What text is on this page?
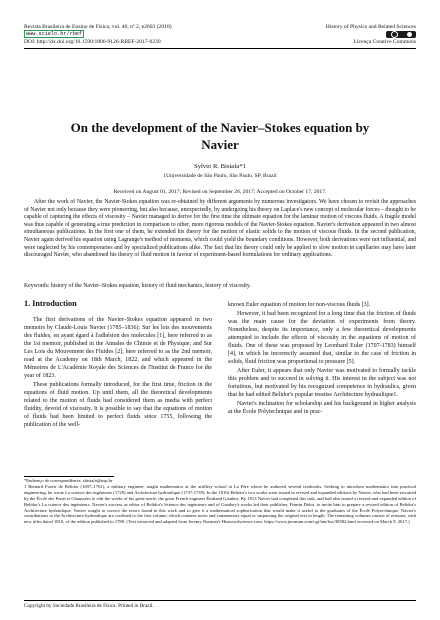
Revista Brasileira de Ensino de Física, vol. 40, nº 2, e2603 (2018)
www.scielo.br/rbef
DOI: http://dx.doi.org/10.1590/1806-9126-RBEF-2017-0239
History of Physics and Related Sciences
Licença Creative Commons
On the development of the Navier–Stokes equation by
Navier
Sylvio R. Bistafa*1
1Universidade de São Paulo, São Paulo, SP, Brazil
Received on August 01, 2017; Revised on September 26, 2017; Accepted on October 17, 2017.

After the work of Navier, the Navier-Stokes equation was re-obtained by different arguments by numerous investigators. We have chosen to revisit the approaches of Navier not only because they were pioneering, but also because, unexpectedly, by undergoing his theory on Laplace's new concept of molecular forces – thought to be capable of capturing the effects of viscosity – Navier managed to derive for the first time the ultimate equation for the laminar motion of viscous fluids. A fragile model was thus capable of generating a true prediction in comparison to other, more rigorous models of the Navier-Stokes equation. Navier's derivation appeared in two almost simultaneous publications. In the first one of them, he extended his theory for the motion of elastic solids to the motion of viscous fluids. In the second publication, Navier again derived his equation using Lagrange's method of moments, which could yield the boundary conditions. However, both derivations were not influential, and were neglected by his contemporaries and by specialized publications alike. The fact that his theory could only be applied to slow motion in capillaries may have later discouraged Navier, who abandoned his theory of fluid motion in favour of experiment-based formulations for ordinary applications.

Keywords: history of the Navier–Stokes equation, history of fluid mechanics, history of viscosity.
1. Introduction

The first derivations of the Navier–Stokes equation appeared in two memoirs by Claude-Louis Navier (1785–1836): Sur les lois des mouvements des fluides, en ayant égard à l'adhésion des molecules [1], here referred to as the 1st memoir, published in the Annales de Chimie et de Physique; and Sur Les Lois du Mouvement des Fluides [2], here referred to as the 2nd memoir, read at the Academy on 18th March, 1822, and which appeared in the Mémoires de L'Académie Royale des Sciences de l'Institut de France for the year of 1823.

These publications formally introduced, for the first time, friction in the equations of fluid motion. Up until them, all the theoretical developments related to the motion of fluids had considered them as media with perfect fluidity, devoid of viscosity. It is possible to say that the equations of motion of fluids had been limited to perfect fluids since 1755, following the publication of the well-

known Euler equation of motion for non-viscous fluids [3].

However, it had been recognized for a long time that the friction of fluids was the main cause for the deviation of experiments from theory. Nonetheless, despite its importance, only a few theoretical developments attempted to include the effects of viscosity in the equations of motion of fluids. One of these was proposed by Leonhard Euler (1707-1783) himself [4], in which he incorrectly assumed that, similar to the case of friction in solids, fluid friction was proportional to pressure [5].

After Euler, it appears that only Navier was motivated to formally tackle this problem and to succeed in solving it. His interest in the subject was not fortuitous, but motivated by his recognized competence in hydraulics, given that he had edited Belidor's popular treatise Architecture hydraulique1.

Navier's inclination for scholarship and his background in higher analysis at the École Polytechnique and in prac-

*Endereço de correspondência: sbistafa@usp.br

1 Bernard Forest de Belidor (1697–1761), a military engineer, taught mathematics at the artillery school at La Fère where he authored several textbooks. Seeking to introduce mathematics into practical engineering, he wrote La science des ingénieurs (1729) and Architecture hydraulique (1737-1739). In the 1810s Belidor's two works were issued in revised and expanded editions by Navier, who had been recruited by the École des Ponts et Chaussées to edit the works of his great-uncle, the great French engineer Émiland Gauthey. By 1813 Navier had completed this task, and had also issued a revised and expanded edition of Belidor's La science des ingénieurs. Navier's success as editor of Belidor's Science des ingénieurs and of Gauthey's works led their publisher, Firmin Didot, to invite him to prepare a revised edition of Belidor's Architecture hydraulique. Navier sought to correct the errors found in this work and to give it a mathematical sophistication that would make it useful to the graduates of the École Polytechnique. Navier's contributions to the Architecture hydraulique are confined to the first volume, which contains notes and commentary equal or surpassing the original text in length. The remaining volumes consist of reissues, with new titles dated 1810, of the edition published in 1780. (Text extracted and adapted from Jeremy Norman's Historyofscience.com: https://www.jnorman.com/cgi-bin/hss/38582.html accessed on March 9, 2017.)

Copyright by Sociedade Brasileira de Física. Printed in Brazil.
